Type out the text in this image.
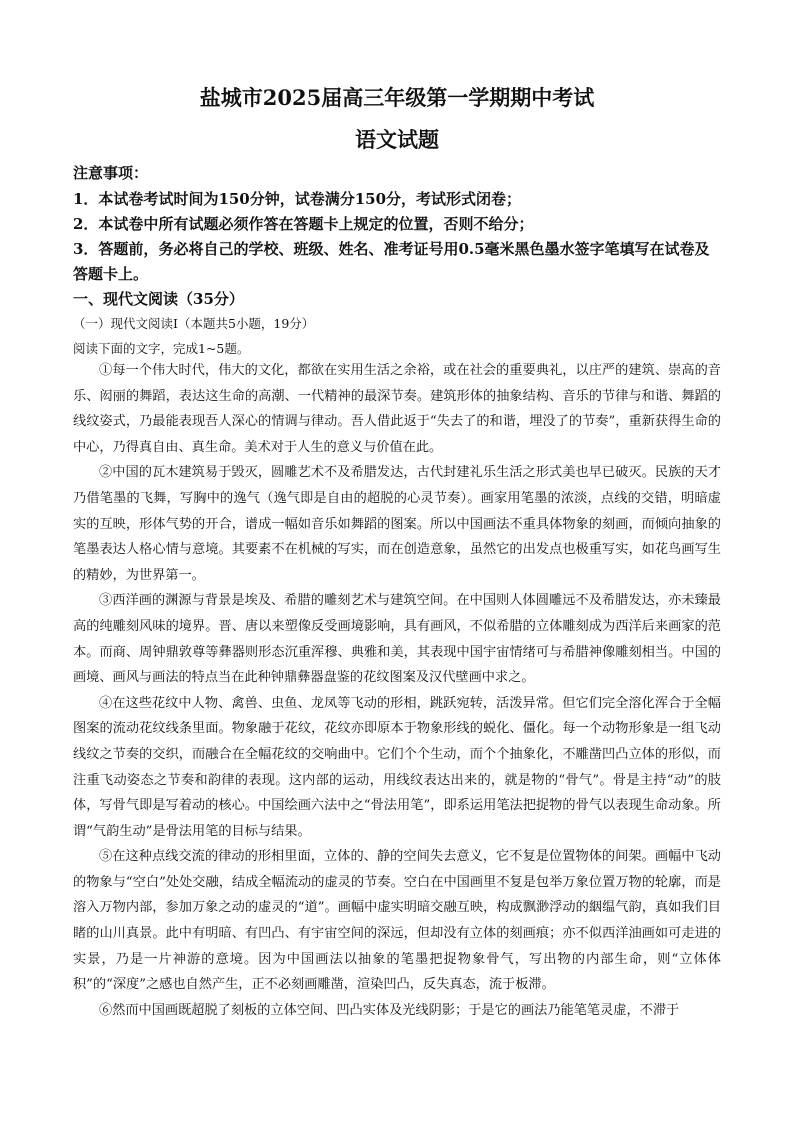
盐城市2025届高三年级第一学期期中考试
语文试题
注意事项：
1．本试卷考试时间为150分钟，试卷满分150分，考试形式闭卷；
2．本试卷中所有试题必须作答在答题卡上规定的位置，否则不给分；
3．答题前，务必将自己的学校、班级、姓名、准考证号用0.5毫米黑色墨水签字笔填写在试卷及答题卡上。
一、现代文阅读（35分）
（一）现代文阅读Ⅰ（本题共5小题，19分）
阅读下面的文字，完成1~5题。

①每一个伟大时代，伟大的文化，都欲在实用生活之余裕，或在社会的重要典礼，以庄严的建筑、崇高的音乐、闳丽的舞蹈，表达这生命的高潮、一代精神的最深节奏。建筑形体的抽象结构、音乐的节律与和谐、舞蹈的线纹姿式，乃最能表现吾人深心的情调与律动。吾人借此返于“失去了的和谐，埋没了的节奏”，重新获得生命的中心，乃得真自由、真生命。美术对于人生的意义与价值在此。

②中国的瓦木建筑易于毁灭，圆雕艺术不及希腊发达，古代封建礼乐生活之形式美也早已破灭。民族的天才乃借笔墨的飞舞，写胸中的逸气（逸气即是自由的超脱的心灵节奏）。画家用笔墨的浓淡，点线的交错，明暗虚实的互映，形体气势的开合，谱成一幅如音乐如舞蹈的图案。所以中国画法不重具体物象的刻画，而倾向抽象的笔墨表达人格心情与意境。其要素不在机械的写实，而在创造意象，虽然它的出发点也极重写实，如花鸟画写生的精妙，为世界第一。

③西洋画的渊源与背景是埃及、希腊的雕刻艺术与建筑空间。在中国则人体圆雕远不及希腊发达，亦未臻最高的纯雕刻风味的境界。晋、唐以来塑像反受画境影响，具有画风，不似希腊的立体雕刻成为西洋后来画家的范本。而商、周钟鼎敦尊等彝器则形态沉重浑穆、典雅和美，其表现中国宇宙情绪可与希腊神像雕刻相当。中国的画境、画风与画法的特点当在此种钟鼎彝器盘鉴的花纹图案及汉代壁画中求之。

④在这些花纹中人物、禽兽、虫鱼、龙凤等飞动的形相，跳跃宛转，活泼异常。但它们完全溶化浑合于全幅图案的流动花纹线条里面。物象融于花纹，花纹亦即原本于物象形线的蜕化、僵化。每一个动物形象是一组飞动线纹之节奏的交织，而融合在全幅花纹的交响曲中。它们个个生动，而个个抽象化，不雕凿凹凸立体的形似，而注重飞动姿态之节奏和韵律的表现。这内部的运动，用线纹表达出来的，就是物的“骨气”。骨是主持“动”的肢体，写骨气即是写着动的核心。中国绘画六法中之“骨法用笔”，即系运用笔法把捉物的骨气以表现生命动象。所谓“气韵生动”是骨法用笔的目标与结果。

⑤在这种点线交流的律动的形相里面，立体的、静的空间失去意义，它不复是位置物体的间架。画幅中飞动的物象与“空白”处处交融，结成全幅流动的虚灵的节奏。空白在中国画里不复是包举万象位置万物的轮廓，而是溶入万物内部，参加万象之动的虚灵的“道”。画幅中虚实明暗交融互映，构成飘渺浮动的絪缊气韵，真如我们目睹的山川真景。此中有明暗、有凹凸、有宇宙空间的深远，但却没有立体的刻画痕；亦不似西洋油画如可走进的实景，乃是一片神游的意境。因为中国画法以抽象的笔墨把捉物象骨气，写出物的内部生命，则“立体体积”的“深度”之感也自然产生，正不必刻画雕凿，渲染凹凸，反失真态，流于板滞。

⑥然而中国画既超脱了刻板的立体空间、凹凸实体及光线阴影；于是它的画法乃能笔笔灵虚，不滞于
